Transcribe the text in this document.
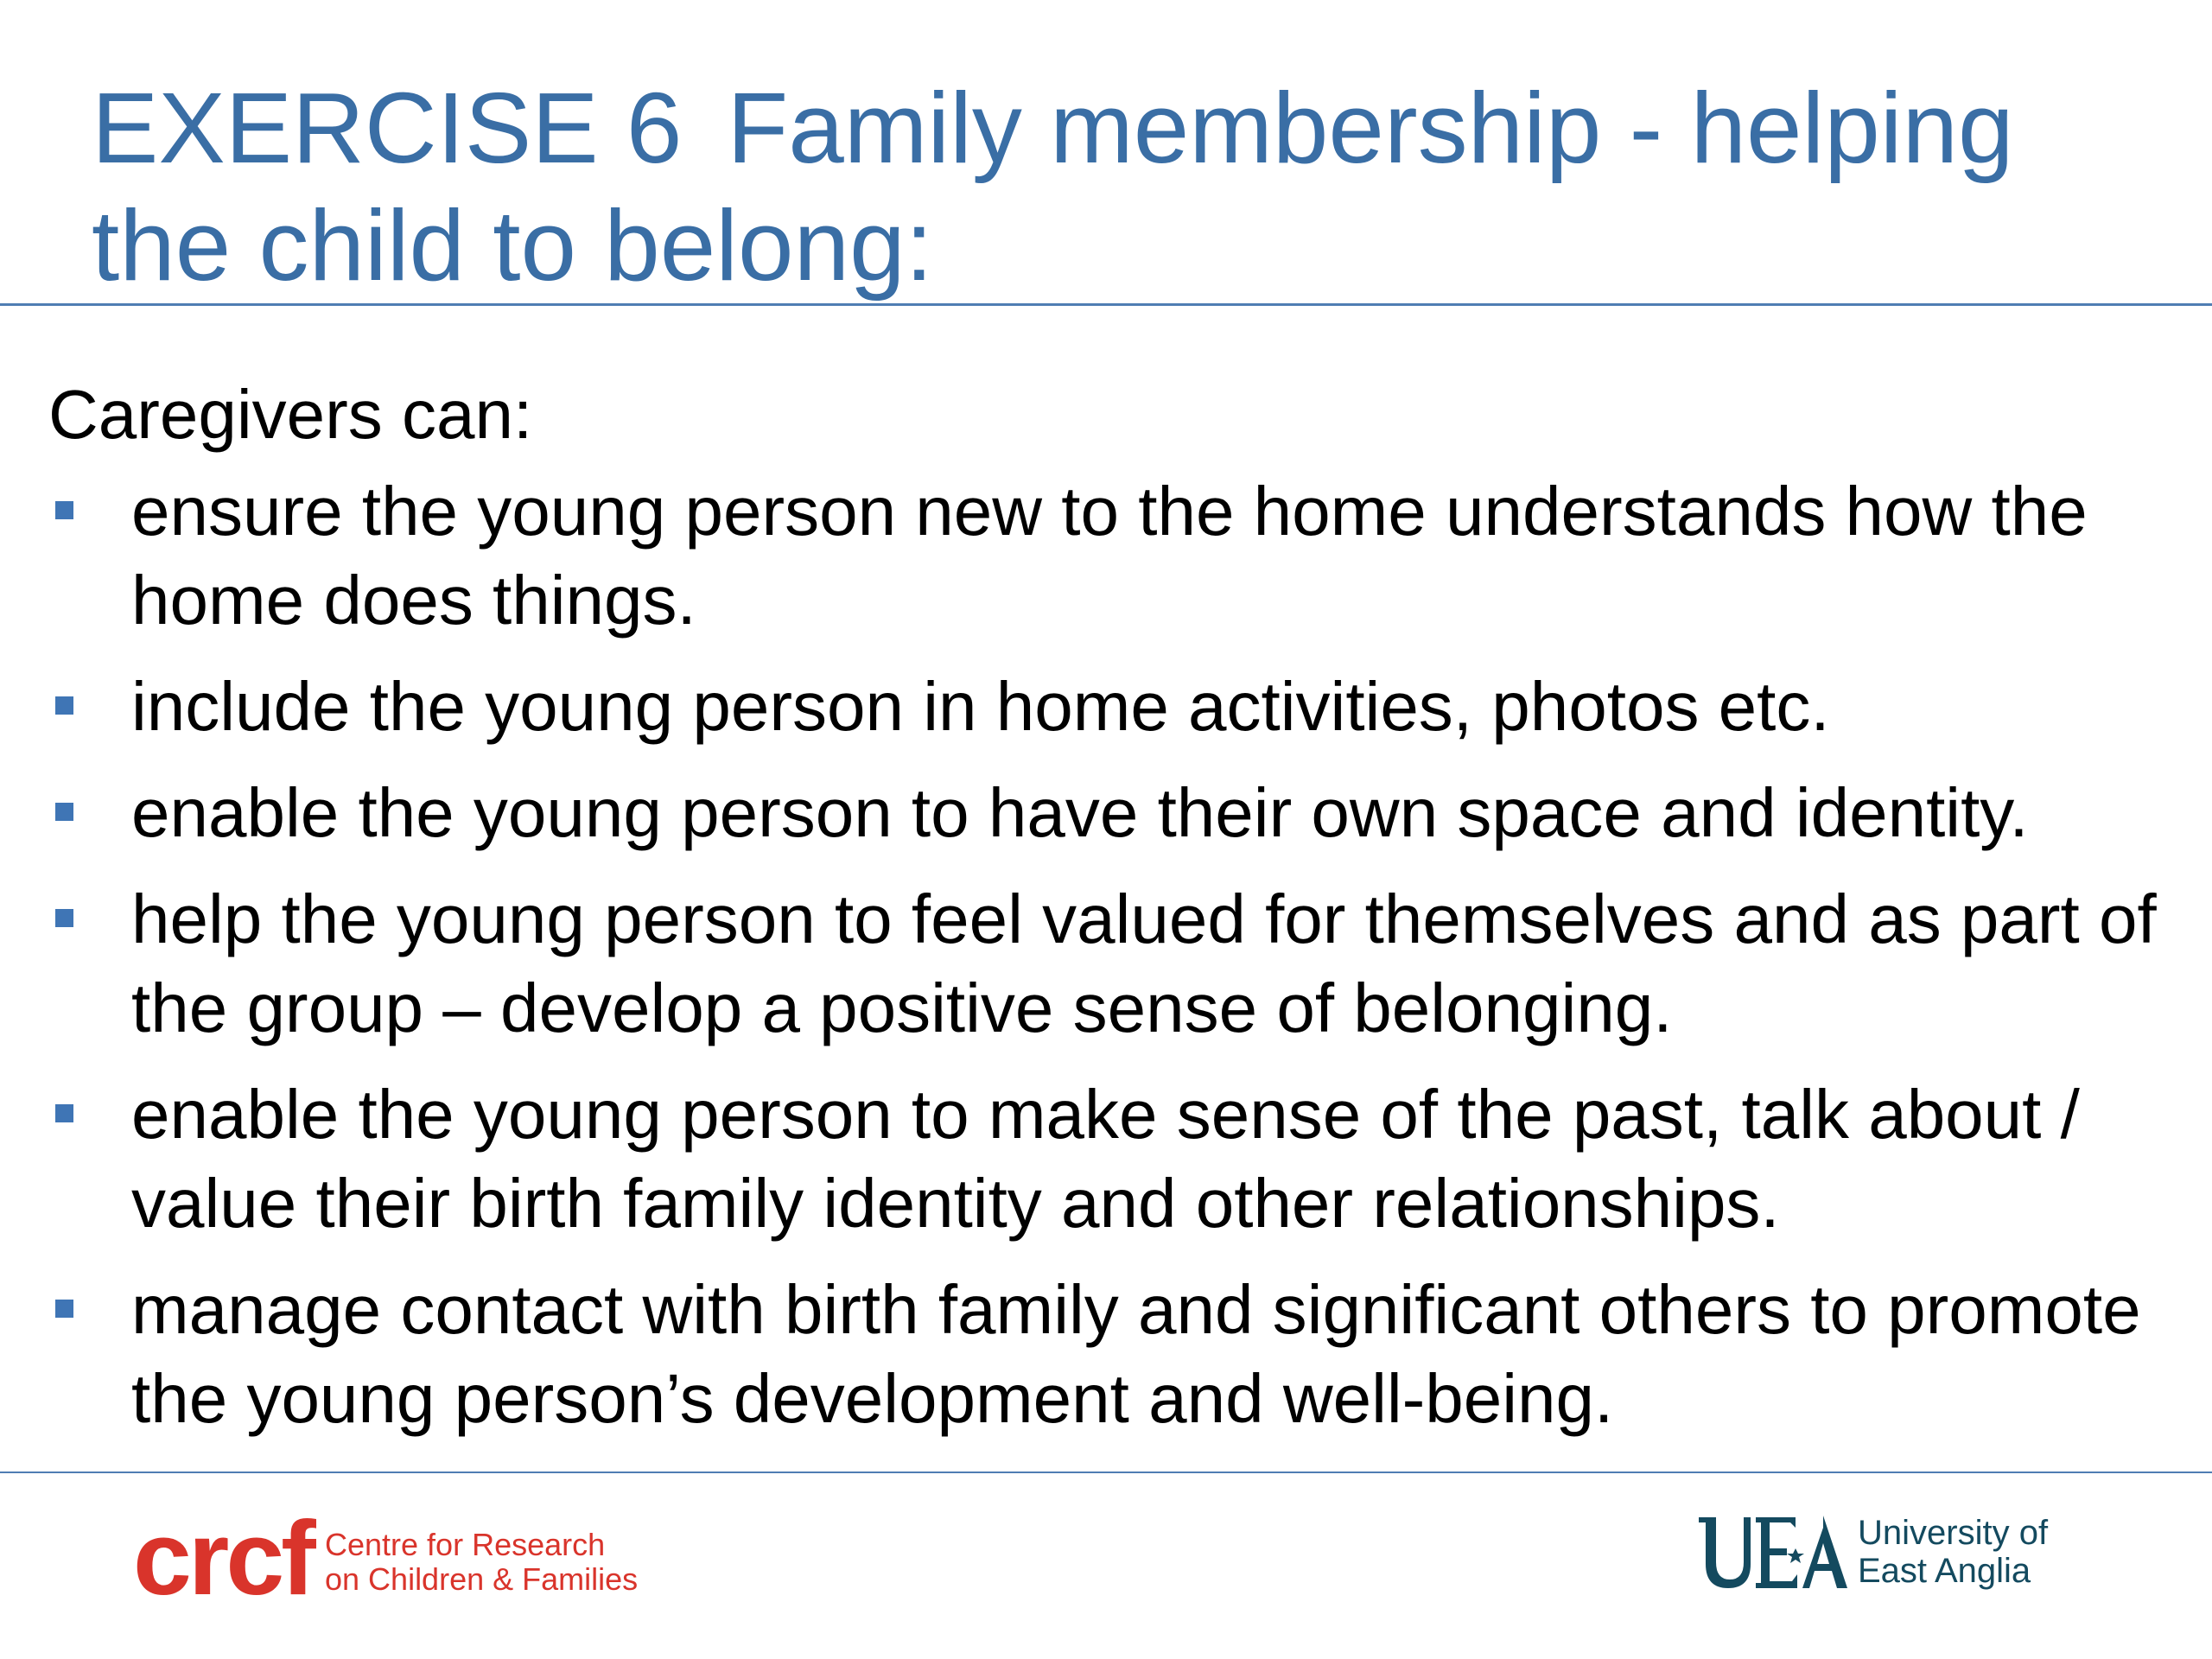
EXERCISE 6 Family membership - helping the child to belong:

Caregivers can:

ensure the young person new to the home understands how the home does things.
include the young person in home activities, photos etc.
enable the young person to have their own space and identity.
help the young person to feel valued for themselves and as part of the group – develop a positive sense of belonging.
enable the young person to make sense of the past, talk about / value their birth family identity and other relationships.
manage contact with birth family and significant others to promote the young person’s development and well-being.
crcf Centre for Research
on Children & Families
University of
East Anglia
